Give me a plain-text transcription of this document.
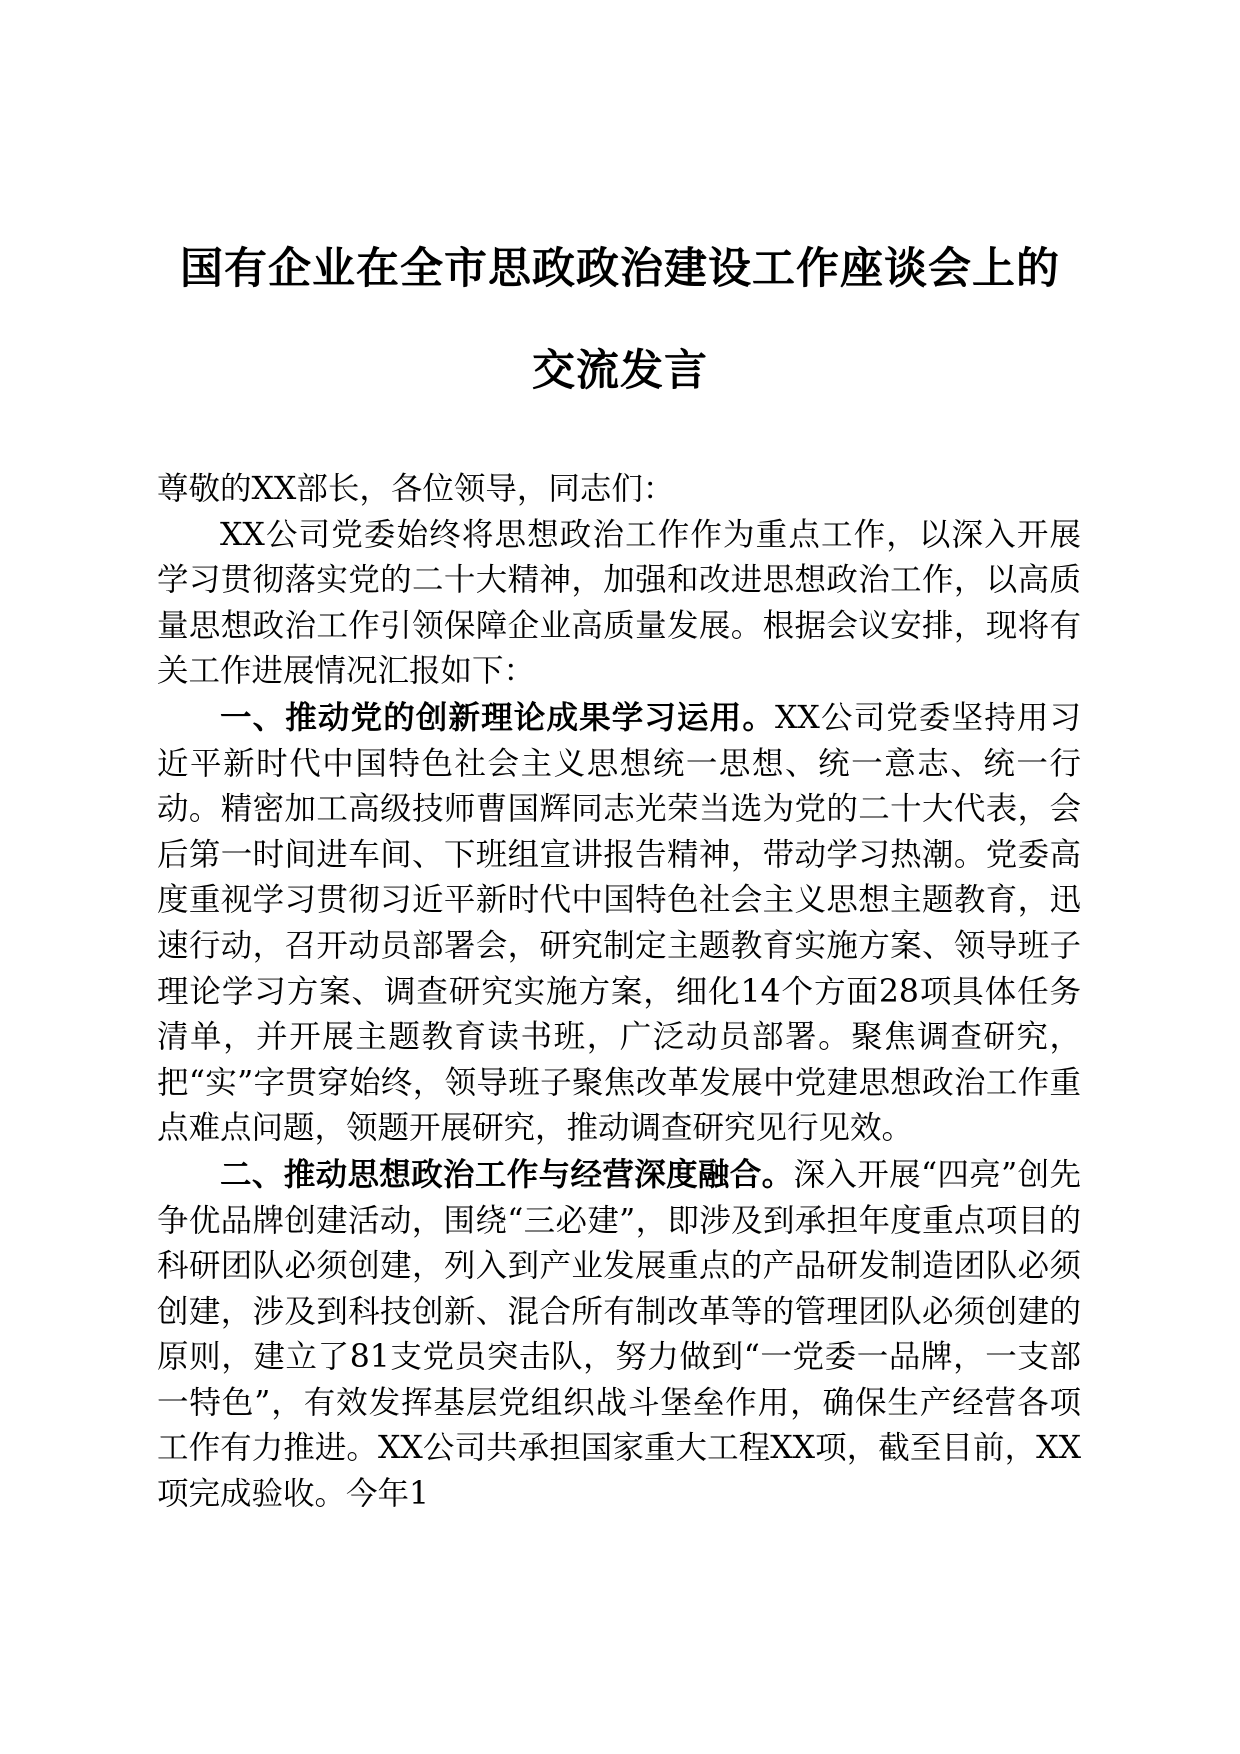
国有企业在全市思政政治建设工作座谈会上的
交流发言

尊敬的XX部长，各位领导，同志们：

XX公司党委始终将思想政治工作作为重点工作，以深入开展学习贯彻落实党的二十大精神，加强和改进思想政治工作，以高质量思想政治工作引领保障企业高质量发展。根据会议安排，现将有关工作进展情况汇报如下：

一、推动党的创新理论成果学习运用。XX公司党委坚持用习近平新时代中国特色社会主义思想统一思想、统一意志、统一行动。精密加工高级技师曹国辉同志光荣当选为党的二十大代表，会后第一时间进车间、下班组宣讲报告精神，带动学习热潮。党委高度重视学习贯彻习近平新时代中国特色社会主义思想主题教育，迅速行动，召开动员部署会，研究制定主题教育实施方案、领导班子理论学习方案、调查研究实施方案，细化14个方面28项具体任务清单，并开展主题教育读书班，广泛动员部署。聚焦调查研究，把“实”字贯穿始终，领导班子聚焦改革发展中党建思想政治工作重点难点问题，领题开展研究，推动调查研究见行见效。

二、推动思想政治工作与经营深度融合。深入开展“四亮”创先争优品牌创建活动，围绕“三必建”，即涉及到承担年度重点项目的科研团队必须创建，列入到产业发展重点的产品研发制造团队必须创建，涉及到科技创新、混合所有制改革等的管理团队必须创建的原则，建立了81支党员突击队，努力做到“一党委一品牌，一支部一特色”，有效发挥基层党组织战斗堡垒作用，确保生产经营各项工作有力推进。XX公司共承担国家重大工程XX项，截至目前，XX项完成验收。今年1
